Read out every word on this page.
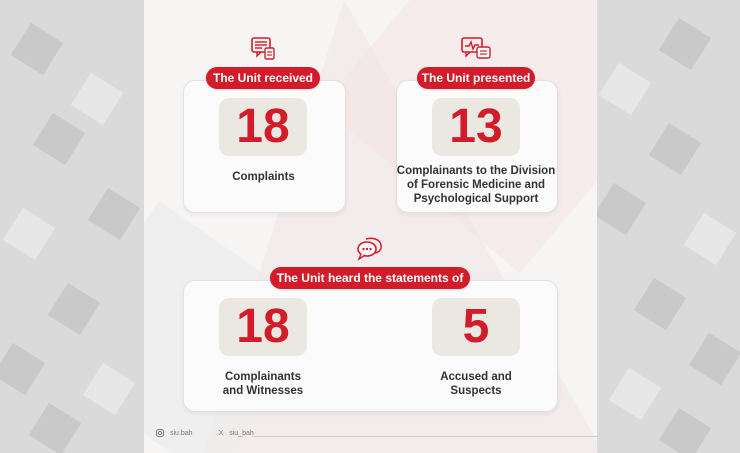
The Unit received
18
Complaints
The Unit presented
13
Complainants to the Division
of Forensic Medicine and
Psychological Support
The Unit heard the statements of
18
Complainants
and Witnesses
5
Accused and
Suspects
siu.bah	X siu_bah
